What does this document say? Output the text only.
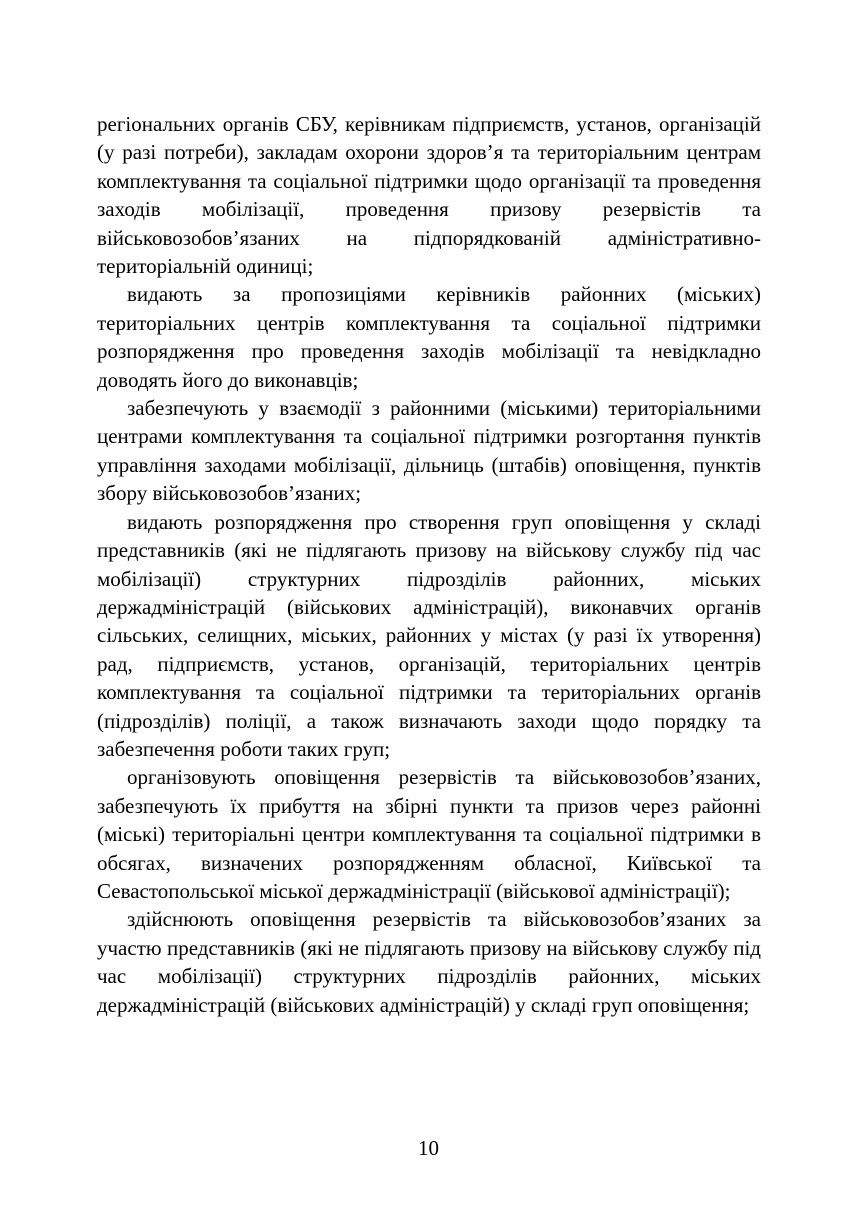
регіональних органів СБУ, керівникам підприємств, установ, організацій (у разі потреби), закладам охорони здоров’я та територіальним центрам комплектування та соціальної підтримки щодо організації та проведення заходів мобілізації, проведення призову резервістів та військовозобов’язаних на підпорядкованій адміністративно-територіальній одиниці;

видають за пропозиціями керівників районних (міських) територіальних центрів комплектування та соціальної підтримки розпорядження про проведення заходів мобілізації та невідкладно доводять його до виконавців;

забезпечують у взаємодії з районними (міськими) територіальними центрами комплектування та соціальної підтримки розгортання пунктів управління заходами мобілізації, дільниць (штабів) оповіщення, пунктів збору військовозобов’язаних;

видають розпорядження про створення груп оповіщення у складі представників (які не підлягають призову на військову службу під час мобілізації) структурних підрозділів районних, міських держадміністрацій (військових адміністрацій), виконавчих органів сільських, селищних, міських, районних у містах (у разі їх утворення) рад, підприємств, установ, організацій, територіальних центрів комплектування та соціальної підтримки та територіальних органів (підрозділів) поліції, а також визначають заходи щодо порядку та забезпечення роботи таких груп;

організовують оповіщення резервістів та військовозобов’язаних, забезпечують їх прибуття на збірні пункти та призов через районні (міські) територіальні центри комплектування та соціальної підтримки в обсягах, визначених розпорядженням обласної, Київської та Севастопольської міської держадміністрації (військової адміністрації);

здійснюють оповіщення резервістів та військовозобов’язаних за участю представників (які не підлягають призову на військову службу під час мобілізації) структурних підрозділів районних, міських держадміністрацій (військових адміністрацій) у складі груп оповіщення;

10
